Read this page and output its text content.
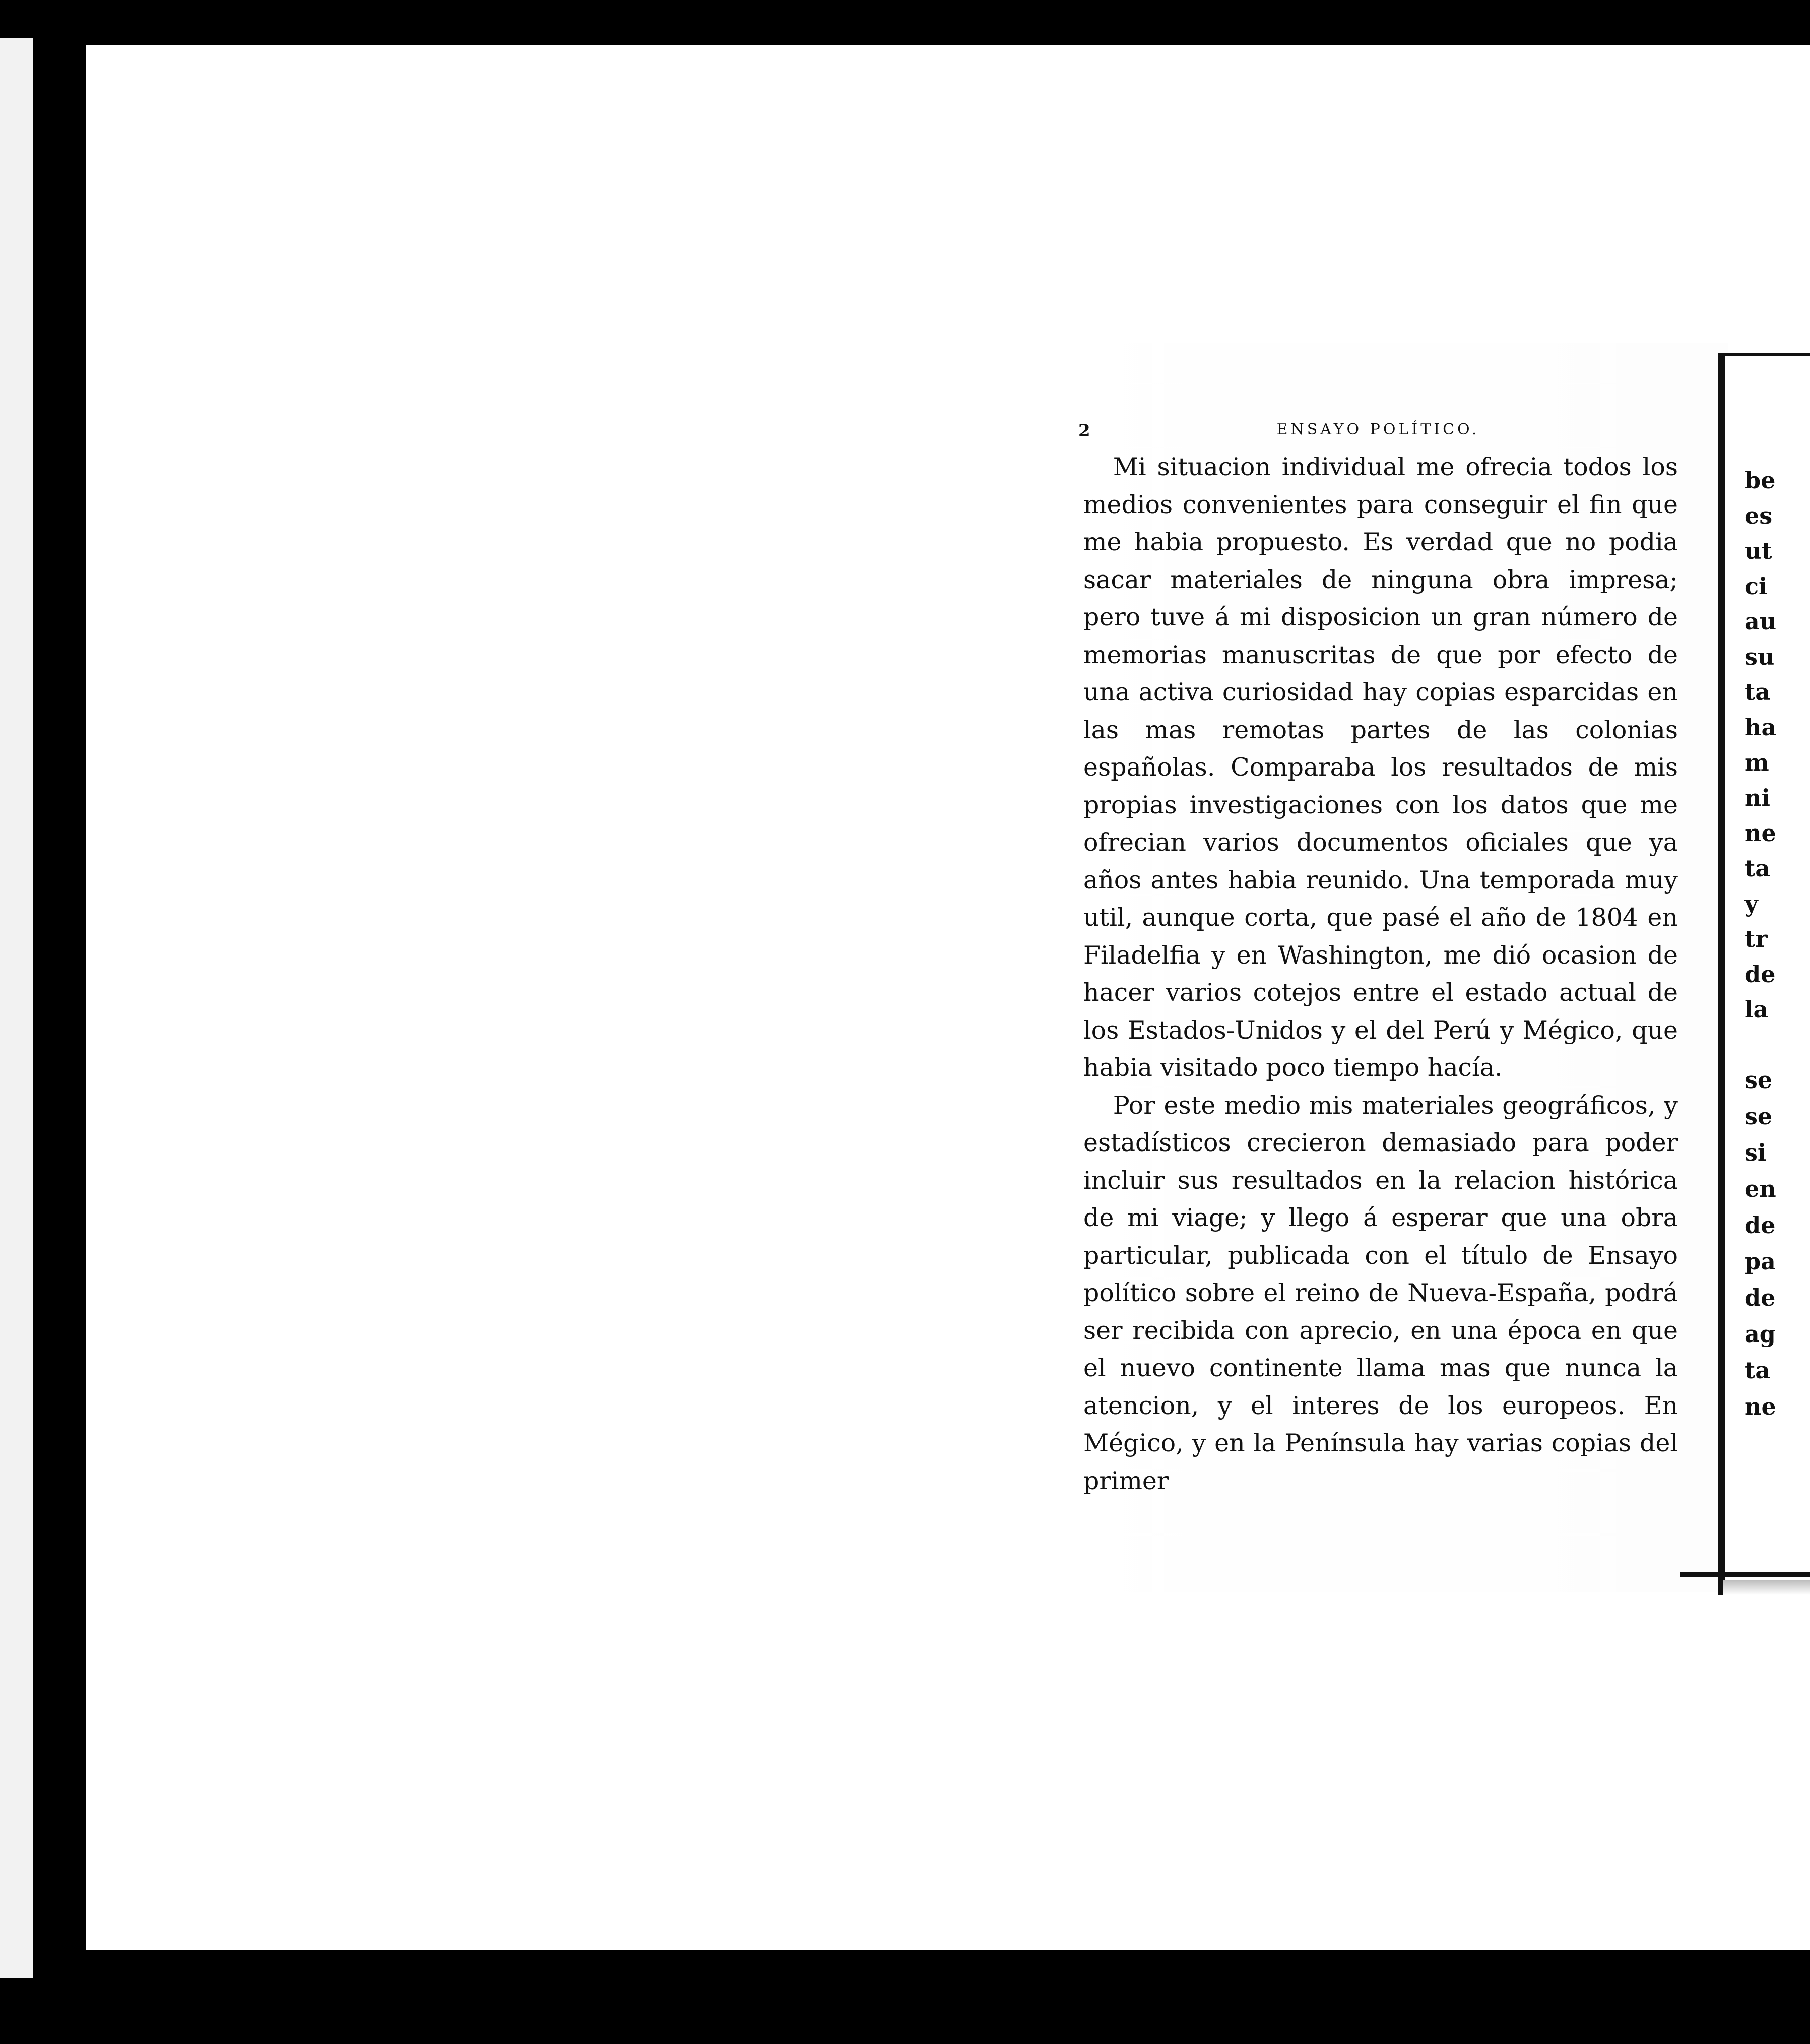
2	ENSAYO POLÍTICO.

Mi situacion individual me ofrecia todos los medios convenientes para conseguir el fin que me habia propuesto. Es verdad que no podia sacar materiales de ninguna obra impresa; pero tuve á mi disposicion un gran número de memorias manuscritas de que por efecto de una activa curiosidad hay copias esparcidas en las mas remotas partes de las colonias españolas. Comparaba los resultados de mis propias investigaciones con los datos que me ofrecian varios documentos oficiales que ya años antes habia reunido. Una temporada muy util, aunque corta, que pasé el año de 1804 en Filadelfia y en Washington, me dió ocasion de hacer varios cotejos entre el estado actual de los Estados-Unidos y el del Perú y Mégico, que habia visitado poco tiempo hacía.

Por este medio mis materiales geográficos, y estadísticos crecieron demasiado para poder incluir sus resultados en la relacion histórica de mi viage; y llego á esperar que una obra particular, publicada con el título de Ensayo político sobre el reino de Nueva-España, podrá ser recibida con aprecio, en una época en que el nuevo continente llama mas que nunca la atencion, y el interes de los europeos. En Mégico, y en la Península hay varias copias del primer

be
es
ut
ci
au
su
ta
ha
m
ni
ne
ta
y
tr
de
la
se
se
si
en
de
pa
de
ag
ta
ne
